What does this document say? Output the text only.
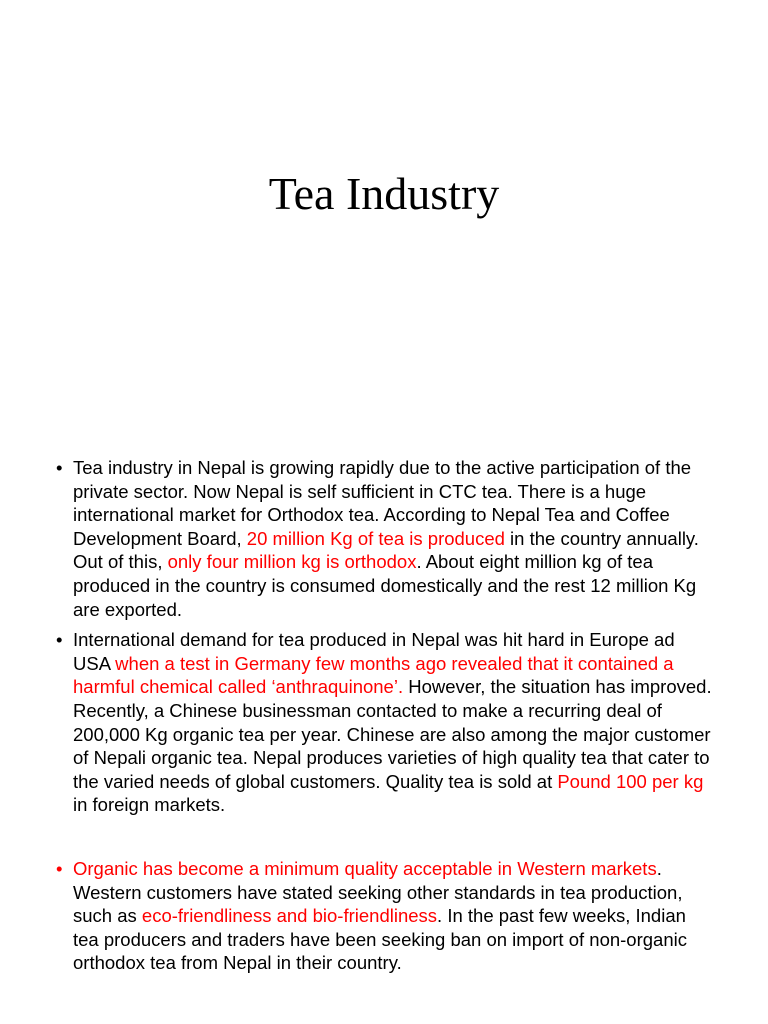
Tea Industry
• Tea industry in Nepal is growing rapidly due to the active participation of the private sector. Now Nepal is self sufficient in CTC tea. There is a huge international market for Orthodox tea. According to Nepal Tea and Coffee Development Board, 20 million Kg of tea is produced in the country annually. Out of this, only four million kg is orthodox. About eight million kg of tea produced in the country is consumed domestically and the rest 12 million Kg are exported.
• International demand for tea produced in Nepal was hit hard in Europe ad USA when a test in Germany few months ago revealed that it contained a harmful chemical called ‘anthraquinone’. However, the situation has improved. Recently, a Chinese businessman contacted to make a recurring deal of 200,000 Kg organic tea per year. Chinese are also among the major customer of Nepali organic tea. Nepal produces varieties of high quality tea that cater to the varied needs of global customers. Quality tea is sold at Pound 100 per kg in foreign markets.
• Organic has become a minimum quality acceptable in Western markets. Western customers have stated seeking other standards in tea production, such as eco-friendliness and bio-friendliness. In the past few weeks, Indian tea producers and traders have been seeking ban on import of non-organic orthodox tea from Nepal in their country.
